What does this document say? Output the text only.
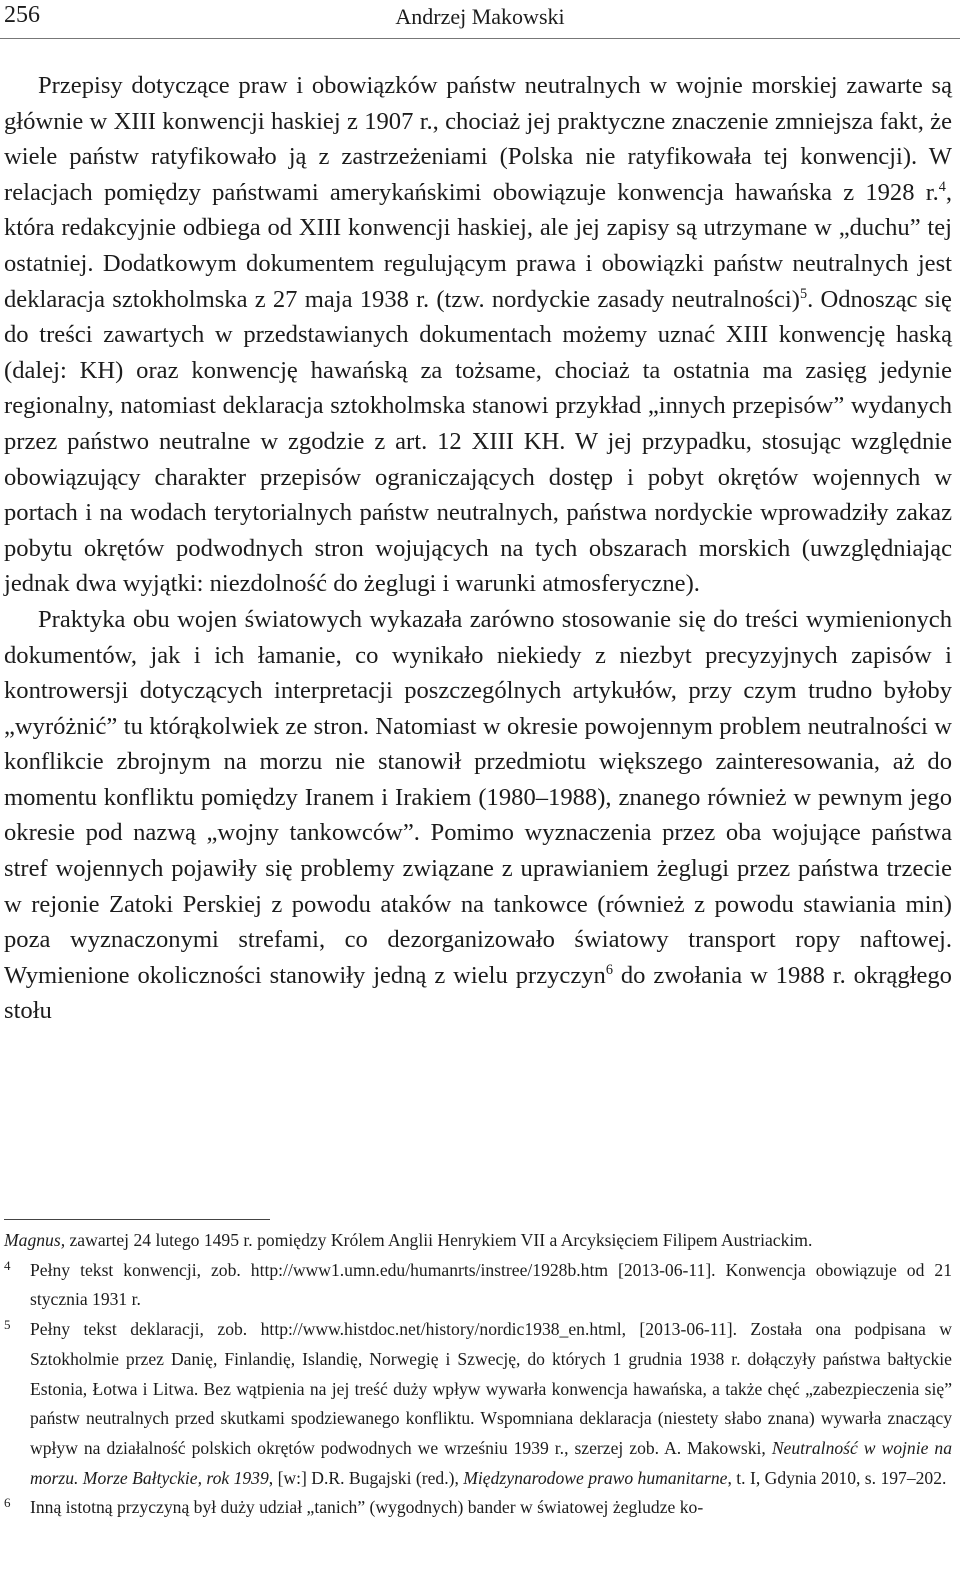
256	Andrzej Makowski

Przepisy dotyczące praw i obowiązków państw neutralnych w wojnie morskiej zawarte są głównie w XIII konwencji haskiej z 1907 r., chociaż jej praktyczne znaczenie zmniejsza fakt, że wiele państw ratyfikowało ją z zastrzeżeniami (Polska nie ratyfikowała tej konwencji). W relacjach pomiędzy państwami amerykańskimi obowiązuje konwencja hawańska z 1928 r.$^4$, która redakcyjnie odbiega od XIII konwencji haskiej, ale jej zapisy są utrzymane w „duchu” tej ostatniej. Dodatkowym dokumentem regulującym prawa i obowiązki państw neutralnych jest deklaracja sztokholmska z 27 maja 1938 r. (tzw. nordyckie zasady neutralności)$^5$. Odnosząc się do treści zawartych w przedstawianych dokumentach możemy uznać XIII konwencję haską (dalej: KH) oraz konwencję hawańską za tożsame, chociaż ta ostatnia ma zasięg jedynie regionalny, natomiast deklaracja sztokholmska stanowi przykład „innych przepisów” wydanych przez państwo neutralne w zgodzie z art. 12 XIII KH. W jej przypadku, stosując względnie obowiązujący charakter przepisów ograniczających dostęp i pobyt okrętów wojennych w portach i na wodach terytorialnych państw neutralnych, państwa nordyckie wprowadziły zakaz pobytu okrętów podwodnych stron wojujących na tych obszarach morskich (uwzględniając jednak dwa wyjątki: niezdolność do żeglugi i warunki atmosferyczne).

Praktyka obu wojen światowych wykazała zarówno stosowanie się do treści wymienionych dokumentów, jak i ich łamanie, co wynikało niekiedy z niezbyt precyzyjnych zapisów i kontrowersji dotyczących interpretacji poszczególnych artykułów, przy czym trudno byłoby „wyróżnić” tu którąkolwiek ze stron. Natomiast w okresie powojennym problem neutralności w konflikcie zbrojnym na morzu nie stanowił przedmiotu większego zainteresowania, aż do momentu konfliktu pomiędzy Iranem i Irakiem (1980–1988), znanego również w pewnym jego okresie pod nazwą „wojny tankowców”. Pomimo wyznaczenia przez oba wojujące państwa stref wojennych pojawiły się problemy związane z uprawianiem żeglugi przez państwa trzecie w rejonie Zatoki Perskiej z powodu ataków na tankowce (również z powodu stawiania min) poza wyznaczonymi strefami, co dezorganizowało światowy transport ropy naftowej. Wymienione okoliczności stanowiły jedną z wielu przyczyn$^6$ do zwołania w 1988 r. okrągłego stołu

Magnus, zawartej 24 lutego 1495 r. pomiędzy Królem Anglii Henrykiem VII a Arcyksięciem Filipem Austriackim.

4 Pełny tekst konwencji, zob. http://www1.umn.edu/humanrts/instree/1928b.htm [2013-06-11]. Konwencja obowiązuje od 21 stycznia 1931 r.

5 Pełny tekst deklaracji, zob. http://www.histdoc.net/history/nordic1938_en.html, [2013-06-11]. Została ona podpisana w Sztokholmie przez Danię, Finlandię, Islandię, Norwegię i Szwecję, do których 1 grudnia 1938 r. dołączyły państwa bałtyckie Estonia, Łotwa i Litwa. Bez wątpienia na jej treść duży wpływ wywarła konwencja hawańska, a także chęć „zabezpieczenia się” państw neutralnych przed skutkami spodziewanego konfliktu. Wspomniana deklaracja (niestety słabo znana) wywarła znaczący wpływ na działalność polskich okrętów podwodnych we wrześniu 1939 r., szerzej zob. A. Makowski, Neutralność w wojnie na morzu. Morze Bałtyckie, rok 1939, [w:] D.R. Bugajski (red.), Międzynarodowe prawo humanitarne, t. I, Gdynia 2010, s. 197–202.

6 Inną istotną przyczyną był duży udział „tanich” (wygodnych) bander w światowej żegludze ko-
